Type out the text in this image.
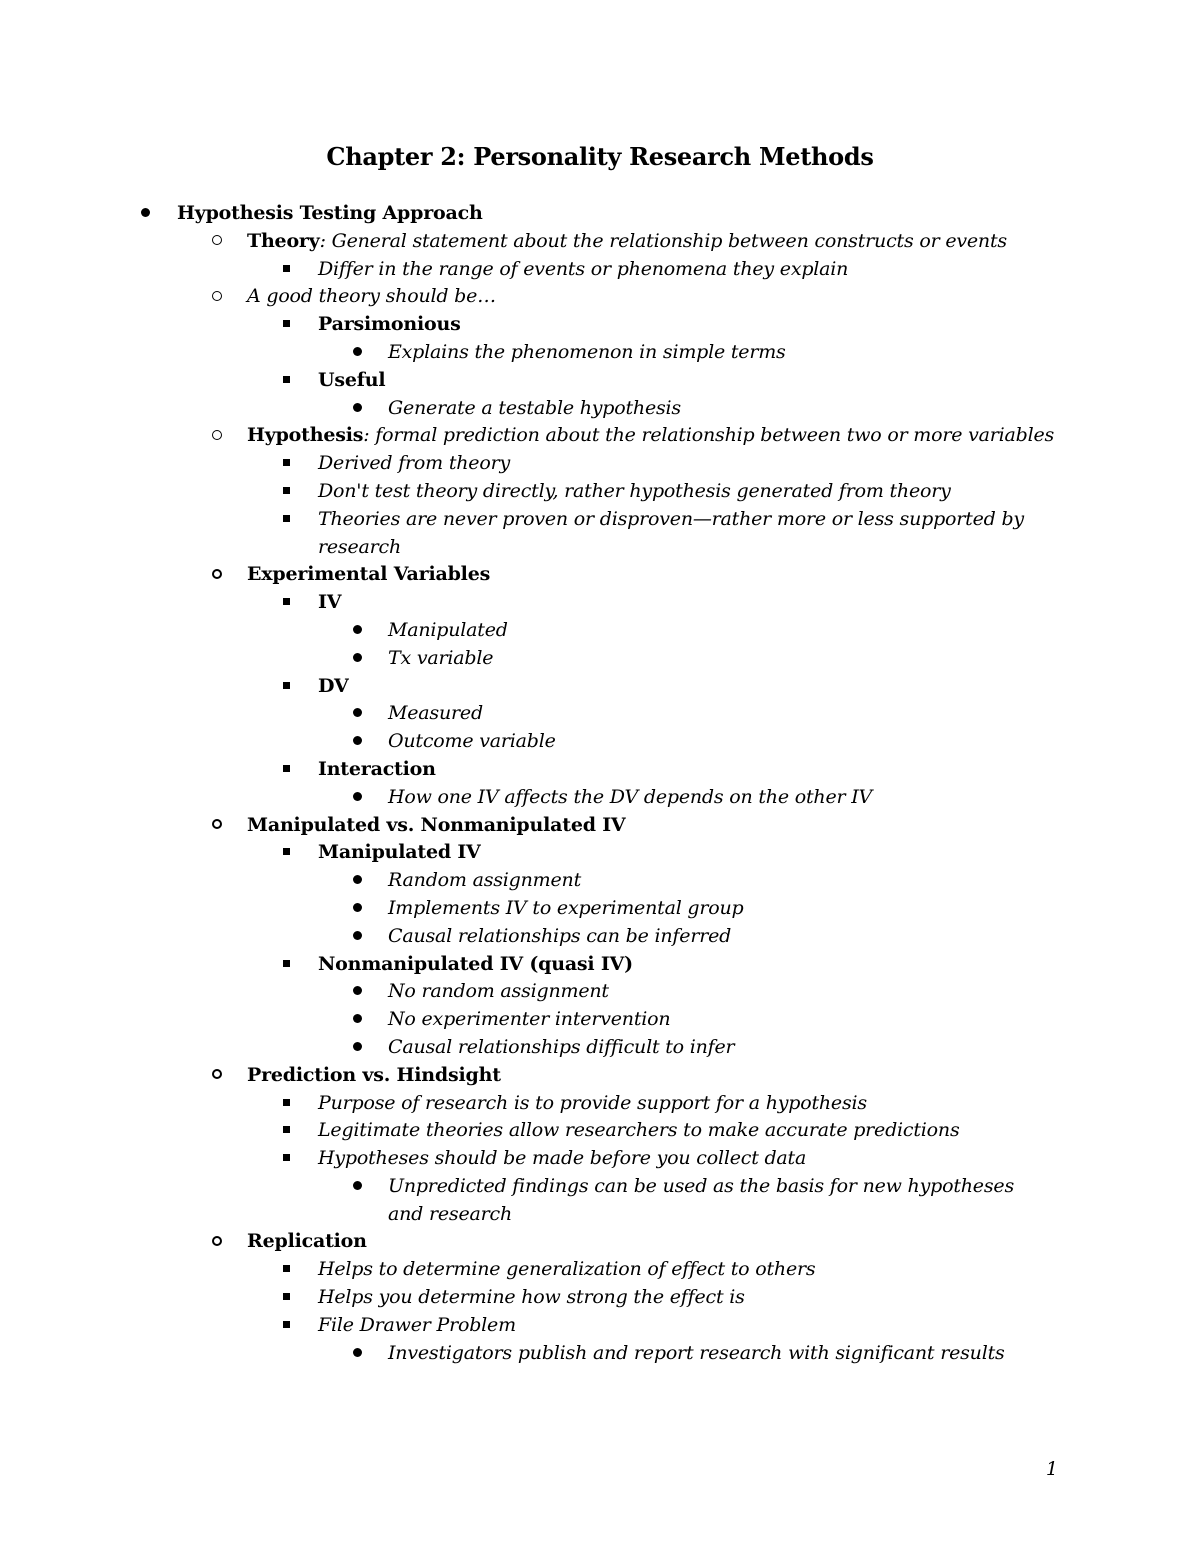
Chapter 2: Personality Research Methods
Hypothesis Testing Approach
Theory: General statement about the relationship between constructs or events
Differ in the range of events or phenomena they explain
A good theory should be…
Parsimonious
Explains the phenomenon in simple terms
Useful
Generate a testable hypothesis
Hypothesis: formal prediction about the relationship between two or more variables
Derived from theory
Don't test theory directly, rather hypothesis generated from theory
Theories are never proven or disproven—rather more or less supported by research
Experimental Variables
IV
Manipulated
Tx variable
DV
Measured
Outcome variable
Interaction
How one IV affects the DV depends on the other IV
Manipulated vs. Nonmanipulated IV
Manipulated IV
Random assignment
Implements IV to experimental group
Causal relationships can be inferred
Nonmanipulated IV (quasi IV)
No random assignment
No experimenter intervention
Causal relationships difficult to infer
Prediction vs. Hindsight
Purpose of research is to provide support for a hypothesis
Legitimate theories allow researchers to make accurate predictions
Hypotheses should be made before you collect data
Unpredicted findings can be used as the basis for new hypotheses and research
Replication
Helps to determine generalization of effect to others
Helps you determine how strong the effect is
File Drawer Problem
Investigators publish and report research with significant results
1
